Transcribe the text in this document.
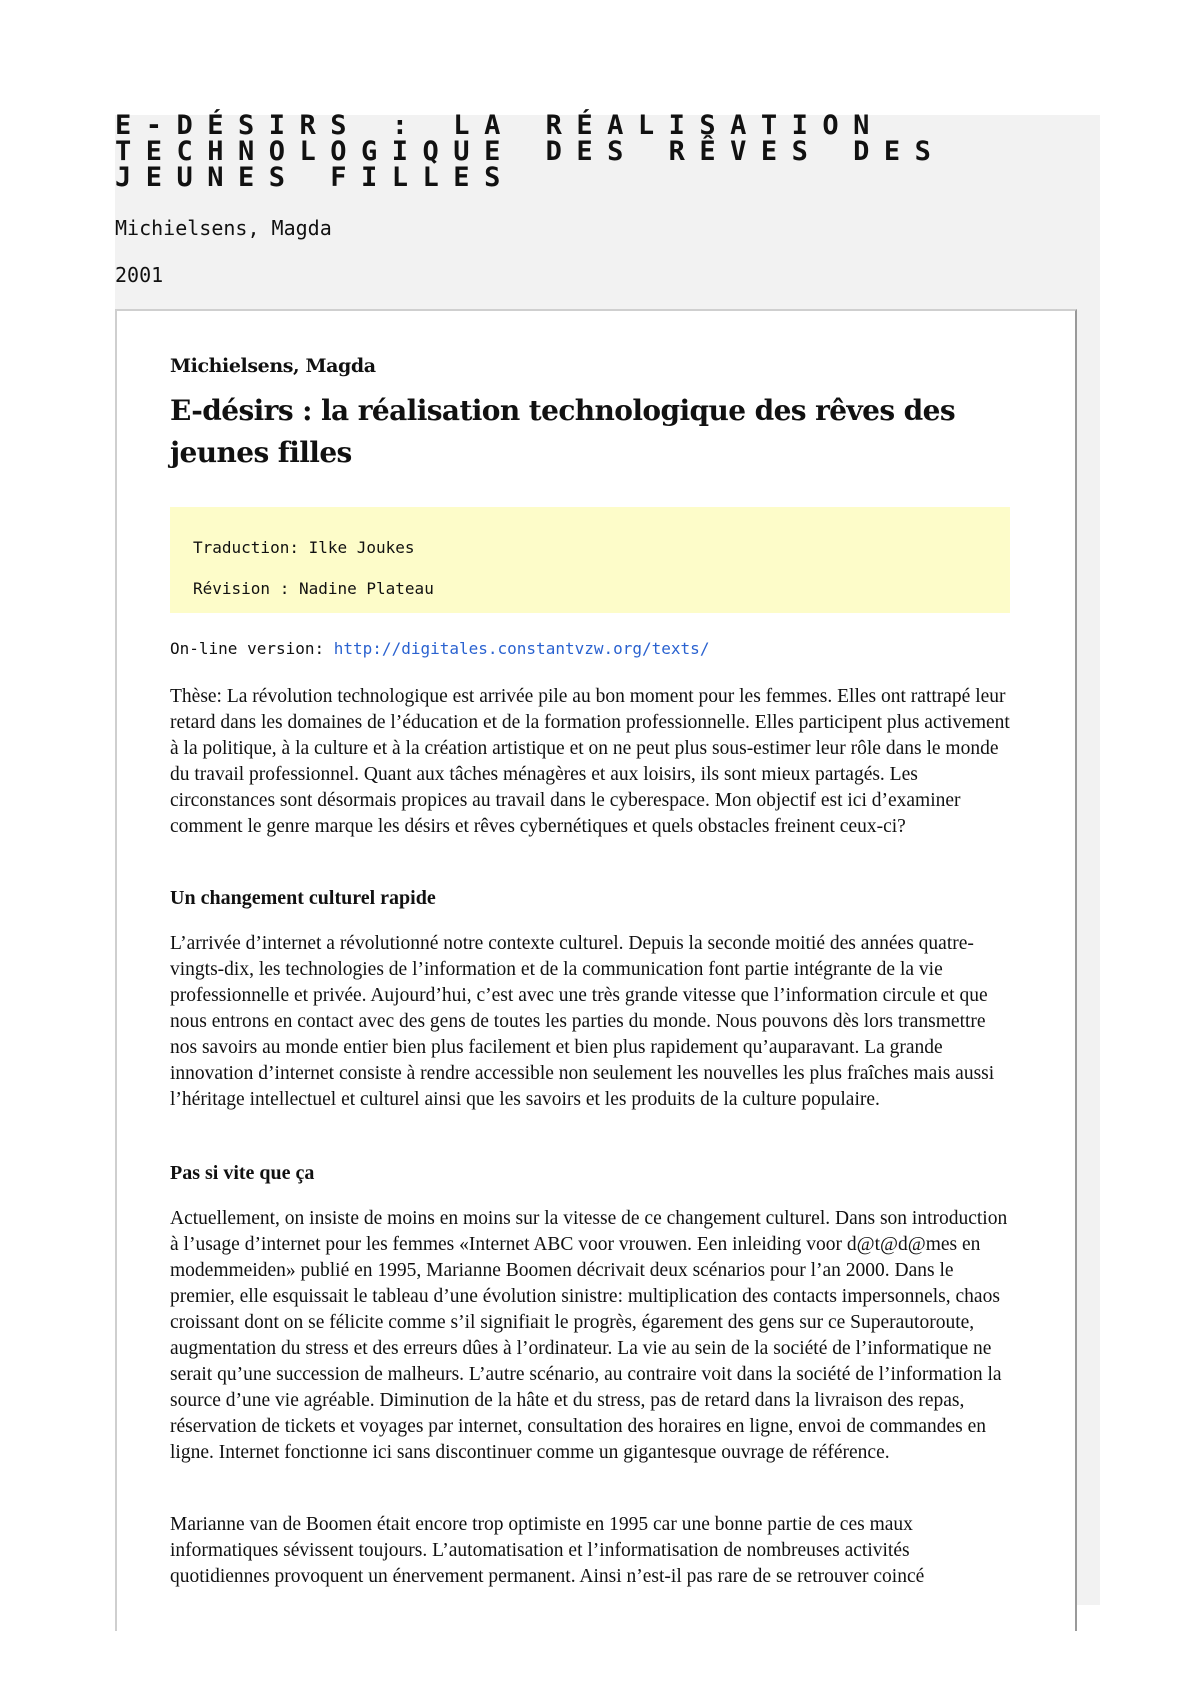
E-DÉSIRS : LA RÉALISATION TECHNOLOGIQUE DES RÊVES DES JEUNES FILLES

Michielsens, Magda

2001

Michielsens, Magda

E-désirs : la réalisation technologique des rêves des jeunes filles

Traduction: Ilke Joukes

Révision : Nadine Plateau

On-line version: http://digitales.constantvzw.org/texts/

Thèse: La révolution technologique est arrivée pile au bon moment pour les femmes. Elles ont rattrapé leur retard dans les domaines de l’éducation et de la formation professionnelle. Elles participent plus activement à la politique, à la culture et à la création artistique et on ne peut plus sous-estimer leur rôle dans le monde du travail professionnel. Quant aux tâches ménagères et aux loisirs, ils sont mieux partagés. Les circonstances sont désormais propices au travail dans le cyberespace. Mon objectif est ici d’examiner comment le genre marque les désirs et rêves cybernétiques et quels obstacles freinent ceux-ci?

Un changement culturel rapide

L’arrivée d’internet a révolutionné notre contexte culturel. Depuis la seconde moitié des années quatre-vingts-dix, les technologies de l’information et de la communication font partie intégrante de la vie professionnelle et privée. Aujourd’hui, c’est avec une très grande vitesse que l’information circule et que nous entrons en contact avec des gens de toutes les parties du monde. Nous pouvons dès lors transmettre nos savoirs au monde entier bien plus facilement et bien plus rapidement qu’auparavant. La grande innovation d’internet consiste à rendre accessible non seulement les nouvelles les plus fraîches mais aussi l’héritage intellectuel et culturel ainsi que les savoirs et les produits de la culture populaire.

Pas si vite que ça

Actuellement, on insiste de moins en moins sur la vitesse de ce changement culturel. Dans son introduction à l’usage d’internet pour les femmes «Internet ABC voor vrouwen. Een inleiding voor d@t@d@mes en modemmeiden» publié en 1995, Marianne Boomen décrivait deux scénarios pour l’an 2000. Dans le premier, elle esquissait le tableau d’une évolution sinistre: multiplication des contacts impersonnels, chaos croissant dont on se félicite comme s’il signifiait le progrès, égarement des gens sur ce Superautoroute, augmentation du stress et des erreurs dûes à l’ordinateur. La vie au sein de la société de l’informatique ne serait qu’une succession de malheurs. L’autre scénario, au contraire voit dans la société de l’information la source d’une vie agréable. Diminution de la hâte et du stress, pas de retard dans la livraison des repas, réservation de tickets et voyages par internet, consultation des horaires en ligne, envoi de commandes en ligne. Internet fonctionne ici sans discontinuer comme un gigantesque ouvrage de référence.

Marianne van de Boomen était encore trop optimiste en 1995 car une bonne partie de ces maux informatiques sévissent toujours. L’automatisation et l’informatisation de nombreuses activités quotidiennes provoquent un énervement permanent. Ainsi n’est-il pas rare de se retrouver coincé
